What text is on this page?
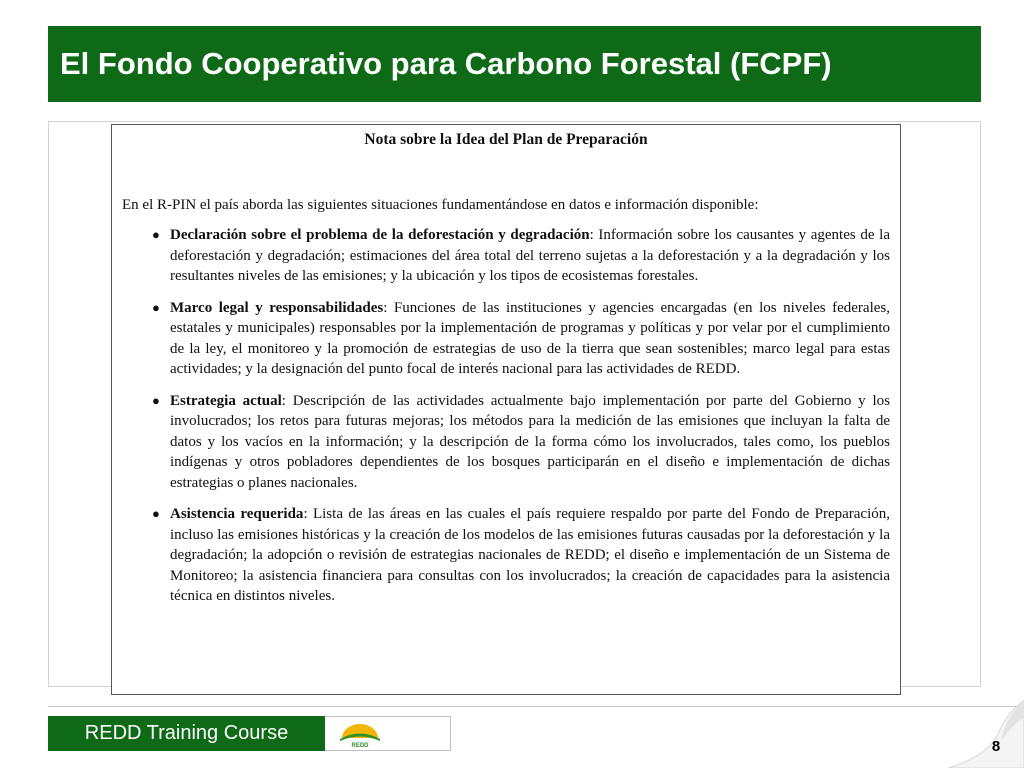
El Fondo Cooperativo para Carbono Forestal (FCPF)
Nota sobre la Idea del Plan de Preparación

En el R-PIN el país aborda las siguientes situaciones fundamentándose en datos e información disponible:

● Declaración sobre el problema de la deforestación y degradación: Información sobre los causantes y agentes de la deforestación y degradación; estimaciones del área total del terreno sujetas a la deforestación y a la degradación y los resultantes niveles de las emisiones; y la ubicación y los tipos de ecosistemas forestales.
● Marco legal y responsabilidades: Funciones de las instituciones y agencies encargadas (en los niveles federales, estatales y municipales) responsables por la implementación de programas y políticas y por velar por el cumplimiento de la ley, el monitoreo y la promoción de estrategias de uso de la tierra que sean sostenibles; marco legal para estas actividades; y la designación del punto focal de interés nacional para las actividades de REDD.
● Estrategia actual: Descripción de las actividades actualmente bajo implementación por parte del Gobierno y los involucrados; los retos para futuras mejoras; los métodos para la medición de las emisiones que incluyan la falta de datos y los vacíos en la información; y la descripción de la forma cómo los involucrados, tales como, los pueblos indígenas y otros pobladores dependientes de los bosques participarán en el diseño e implementación de dichas estrategias o planes nacionales.
● Asistencia requerida: Lista de las áreas en las cuales el país requiere respaldo por parte del Fondo de Preparación, incluso las emisiones históricas y la creación de los modelos de las emisiones futuras causadas por la deforestación y la degradación; la adopción o revisión de estrategias nacionales de REDD; el diseño e implementación de un Sistema de Monitoreo; la asistencia financiera para consultas con los involucrados; la creación de capacidades para la asistencia técnica en distintos niveles.
REDD Training Course
REDD	8
